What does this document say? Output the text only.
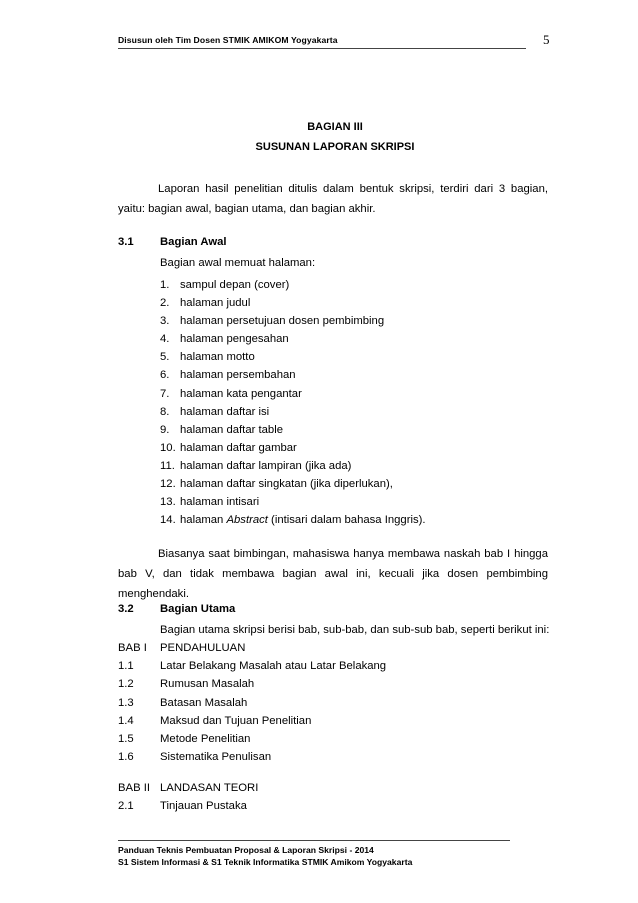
Disusun oleh Tim Dosen STMIK AMIKOM Yogyakarta	5
BAGIAN III
SUSUNAN LAPORAN SKRIPSI

Laporan hasil penelitian ditulis dalam bentuk skripsi, terdiri dari 3 bagian, yaitu: bagian awal, bagian utama, dan bagian akhir.

3.1	Bagian Awal
Bagian awal memuat halaman:
1. sampul depan (cover)
2. halaman judul
3. halaman persetujuan dosen pembimbing
4. halaman pengesahan
5. halaman motto
6. halaman persembahan
7. halaman kata pengantar
8. halaman daftar isi
9. halaman daftar table
10. halaman daftar gambar
11. halaman daftar lampiran (jika ada)
12. halaman daftar singkatan (jika diperlukan),
13. halaman intisari
14. halaman Abstract (intisari dalam bahasa Inggris).

Biasanya saat bimbingan, mahasiswa hanya membawa naskah bab I hingga bab V, dan tidak membawa bagian awal ini, kecuali jika dosen pembimbing menghendaki.

3.2	Bagian Utama
Bagian utama skripsi berisi bab, sub-bab, dan sub-sub bab, seperti berikut ini:
BAB I PENDAHULUAN
1.1 Latar Belakang Masalah atau Latar Belakang
1.2 Rumusan Masalah
1.3 Batasan Masalah
1.4 Maksud dan Tujuan Penelitian
1.5 Metode Penelitian
1.6 Sistematika Penulisan
BAB II LANDASAN TEORI
2.1 Tinjauan Pustaka
Panduan Teknis Pembuatan Proposal & Laporan Skripsi - 2014
S1 Sistem Informasi & S1 Teknik Informatika STMIK Amikom Yogyakarta
